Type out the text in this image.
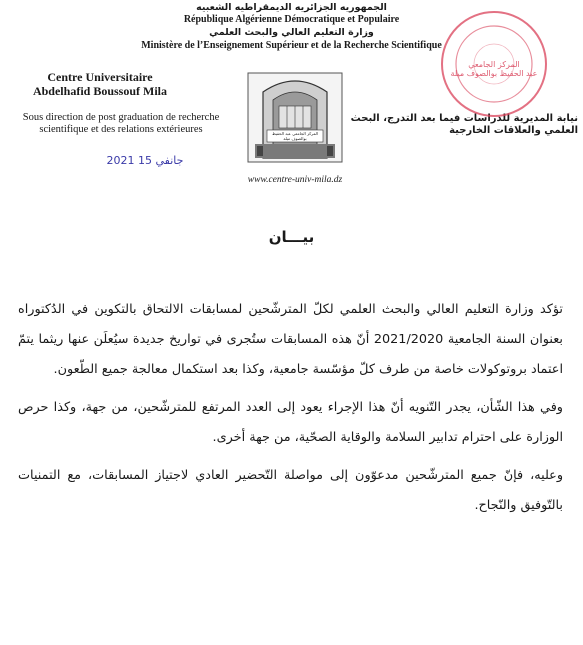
الجمهوريه الجزائريه الديمقراطيه الشعبيه
République Algérienne Démocratique et Populaire
وزارة التعليم العالي والبحث العلمي
Ministère de l’Enseignement Supérieur et de la Recherche Scientifique
Centre Universitaire
Abdelhafid Boussouf Mila
Sous direction de post graduation de recherche
scientifique et des relations extérieures
2021 جانفي 15
المركز الجامعي عبد الحفيظ بوالصوف ميلة
www.centre-univ-mila.dz
نيابة المديرية للدراسات فيما بعد التدرج، البحث
العلمي والعلاقات الخارجية
المركز الجامعي
عبد الحفيظ بوالصوف ميلة
بيـــان

تؤكد وزارة التعليم العالي والبحث العلمي لكلّ المترشّحين لمسابقات الالتحاق بالتكوين في الدُكتوراه بعنوان السنة الجامعية 2021/2020 أنّ هذه المسابقات ستُجرى في تواريخ جديدة سيُعلَن عنها ريثما يتمّ اعتماد بروتوكولات خاصة من طرف كلّ مؤسّسة جامعية، وكذا بعد استكمال معالجة جميع الطّعون.

وفي هذا الشّأن، يجدر التّنويه أنّ هذا الإجراء يعود إلى العدد المرتفع للمترشّحين، من جهة، وكذا حرص الوزارة على احترام تدابير السلامة والوقاية الصحّية، من جهة أخرى.

وعليه، فإنّ جميع المترشّحين مدعوّون إلى مواصلة التّحضير العادي لاجتياز المسابقات، مع التمنيات بالتّوفيق والنّجاح.
